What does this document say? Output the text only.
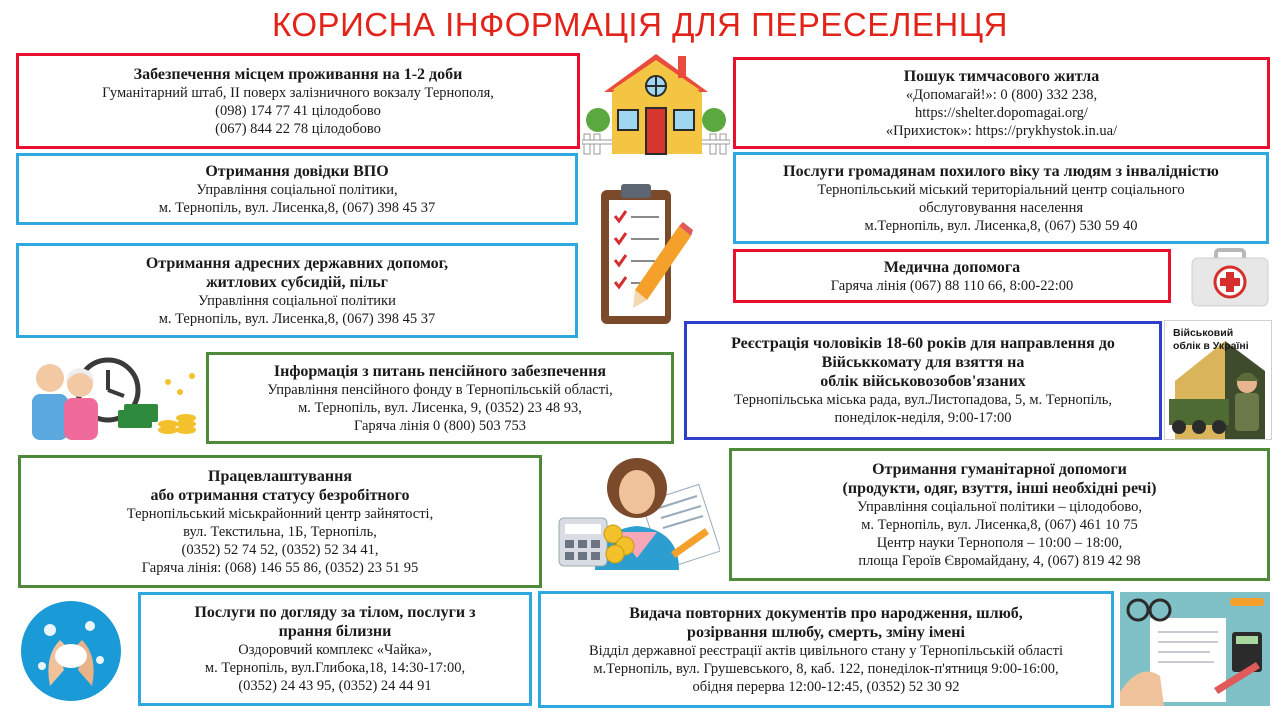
КОРИСНА ІНФОРМАЦІЯ ДЛЯ ПЕРЕСЕЛЕНЦЯ
Забезпечення місцем проживання на 1-2 доби
Гуманітарний штаб, ІІ поверх залізничного вокзалу Тернополя,
(098) 174 77 41 цілодобово
(067) 844 22 78 цілодобово
Отримання довідки ВПО
Управління соціальної політики,
м. Тернопіль, вул. Лисенка,8, (067) 398 45 37
Отримання адресних державних допомог,
житлових субсидій, пільг
Управління соціальної політики
м. Тернопіль, вул. Лисенка,8, (067) 398 45 37
Інформація з питань пенсійного забезпечення
Управління пенсійного фонду в Тернопільській області,
м. Тернопіль, вул. Лисенка, 9, (0352) 23 48 93,
Гаряча лінія 0 (800) 503 753
Працевлаштування
або отримання статусу безробітного
Тернопільський міськрайонний центр зайнятості,
вул. Текстильна, 1Б, Тернопіль,
(0352) 52 74 52, (0352) 52 34 41,
Гаряча лінія: (068) 146 55 86, (0352) 23 51 95
Послуги по догляду за тілом, послуги з
прання білизни
Оздоровчий комплекс «Чайка»,
м. Тернопіль, вул.Глибока,18, 14:30-17:00,
(0352) 24 43 95, (0352) 24 44 91
Пошук тимчасового житла
«Допомагай!»: 0 (800) 332 238,
https://shelter.dopomagai.org/
«Прихисток»: https://prykhystok.in.ua/
Послуги громадянам похилого віку та людям з інвалідністю
Тернопільський міський територіальний центр соціального
обслуговування населення
м.Тернопіль, вул. Лисенка,8, (067) 530 59 40
Медична допомога
Гаряча лінія (067) 88 110 66, 8:00-22:00
Реєстрація чоловіків 18-60 років для направлення до
Військкомату для взяття на
облік військовозобов'язаних
Тернопільська міська рада, вул.Листопадова, 5, м. Тернопіль,
понеділок-неділя, 9:00-17:00
Отримання гуманітарної допомоги
(продукти, одяг, взуття, інші необхідні речі)
Управління соціальної політики – цілодобово,
м. Тернопіль, вул. Лисенка,8, (067) 461 10 75
Центр науки Тернополя – 10:00 – 18:00,
площа Героїв Євромайдану, 4, (067) 819 42 98
Видача повторних документів про народження, шлюб,
розірвання шлюбу, смерть, зміну імені
Відділ державної реєстрації актів цивільного стану у Тернопільській області
м.Тернопіль, вул. Грушевського, 8, каб. 122, понеділок-п'ятниця 9:00-16:00,
обідня перерва 12:00-12:45, (0352) 52 30 92
Військовий
облік в Україні
